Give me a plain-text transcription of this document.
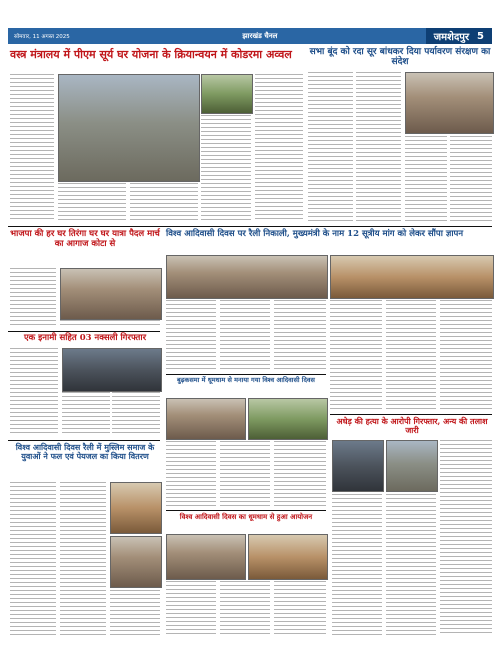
सोमवार, 11 अगस्त 2025	झारखंड चैनल	जमशेदपुर 5
वस्त्र मंत्रालय में पीएम सूर्य घर योजना के क्रियान्वयन में कोडरमा अव्वल	सभा बूंद को रदा सूर बांधकर दिया पर्यावरण संरक्षण का संदेश
भाजपा की हर घर तिरंगा घर घर यात्रा पैदल मार्च का आगाज कोटा से
विश्व आदिवासी दिवस पर रैली निकाली, मुख्यमंत्री के नाम 12 सूत्रीय मांग को लेकर सौंपा ज्ञापन
एक इनामी सहित 03 नक्सली गिरफ्तार
बुढ़कसमा में धूमधाम से मनाया गया विश्व आदिवासी दिवस
अधेड़ की हत्या के आरोपी गिरफ्तार, अन्य की तलाश जारी
विश्व आदिवासी दिवस रैली में मुस्लिम समाज के युवाओं ने फल एवं पेयजल का किया वितरण
विश्व आदिवासी दिवस का धूमधाम से हुआ आयोजन
